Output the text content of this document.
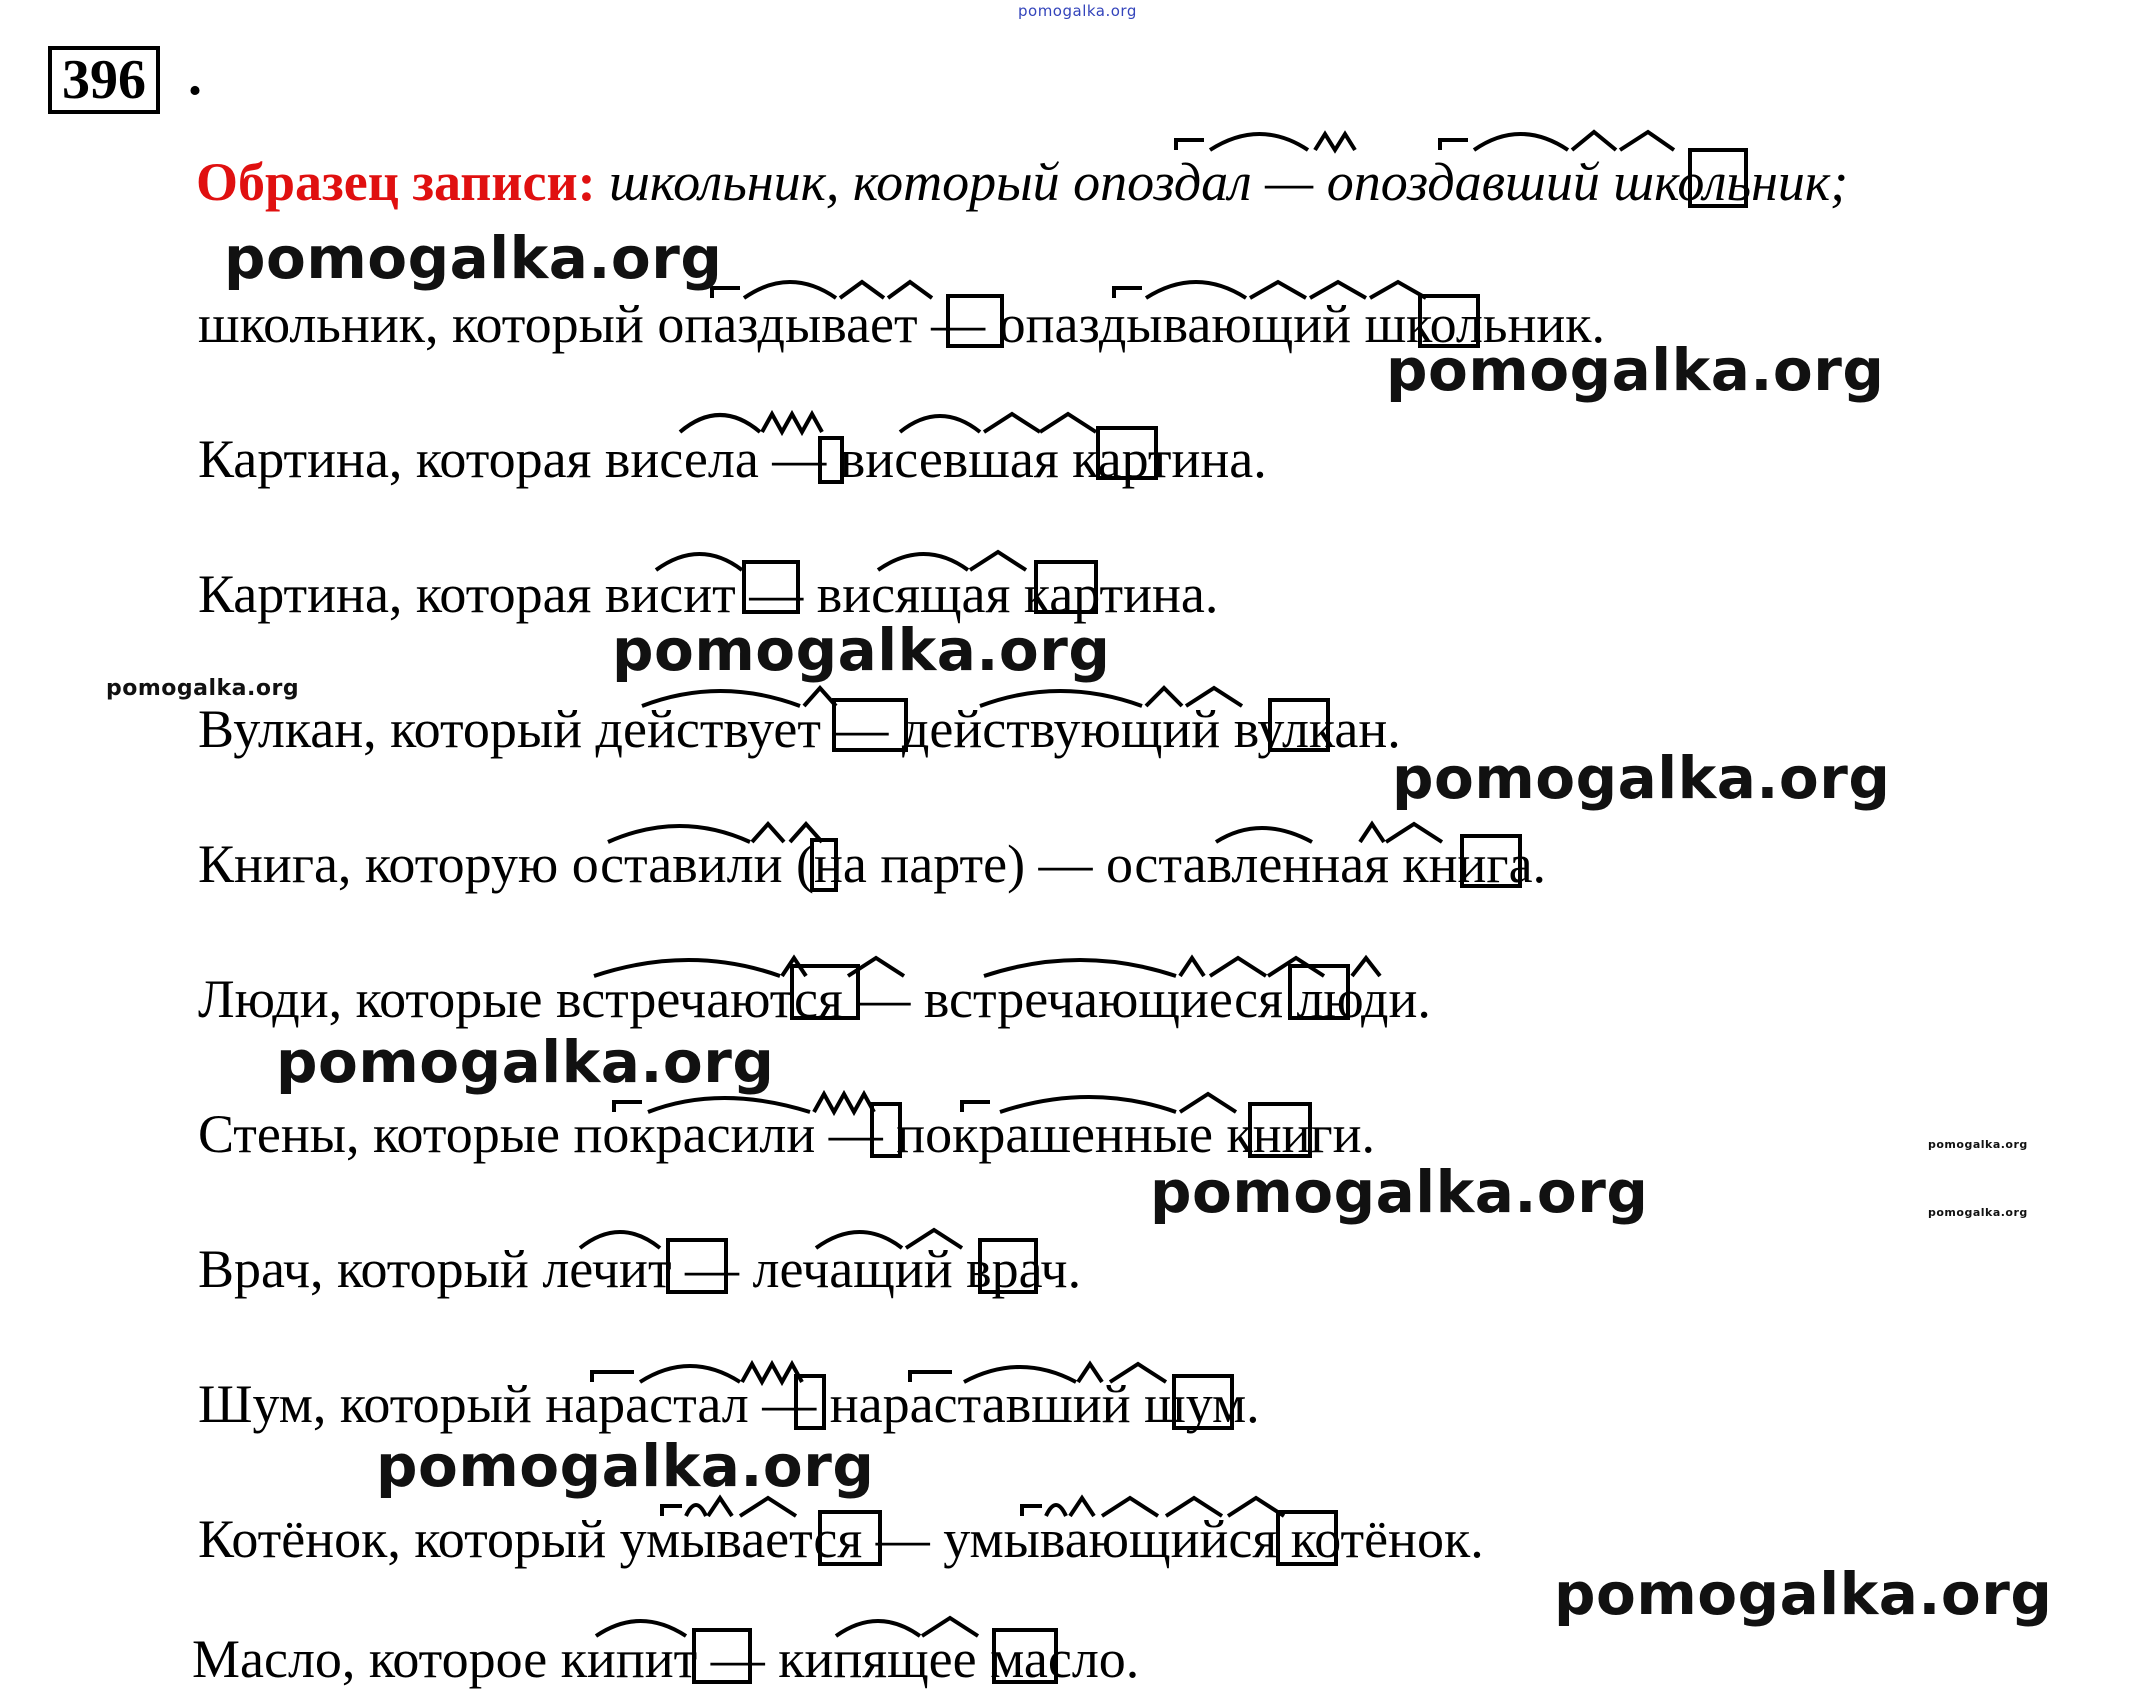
pomogalka.org
396 .
Образец записи: школьник, который опоздал — опоздавший школьник;
школьник, который опаздывает — опаздывающий школьник.
Картина, которая висела — висевшая картина.
Картина, которая висит — висящая картина.
Вулкан, который действует — действующий вулкан.
Книга, которую оставили (на парте) — оставленная книга.
Люди, которые встречаются — встречающиеся люди.
Стены, которые покрасили — покрашенные книги.
Врач, который лечит — лечащий врач.
Шум, который нарастал — нараставший шум.
Котёнок, который умывается — умывающийся котёнок.
Масло, которое кипит — кипящее масло.
pomogalka.org
pomogalka.org
pomogalka.org
pomogalka.org
pomogalka.org
pomogalka.org
pomogalka.org
pomogalka.org	pomogalka.org
pomogalka.org
pomogalka.org
